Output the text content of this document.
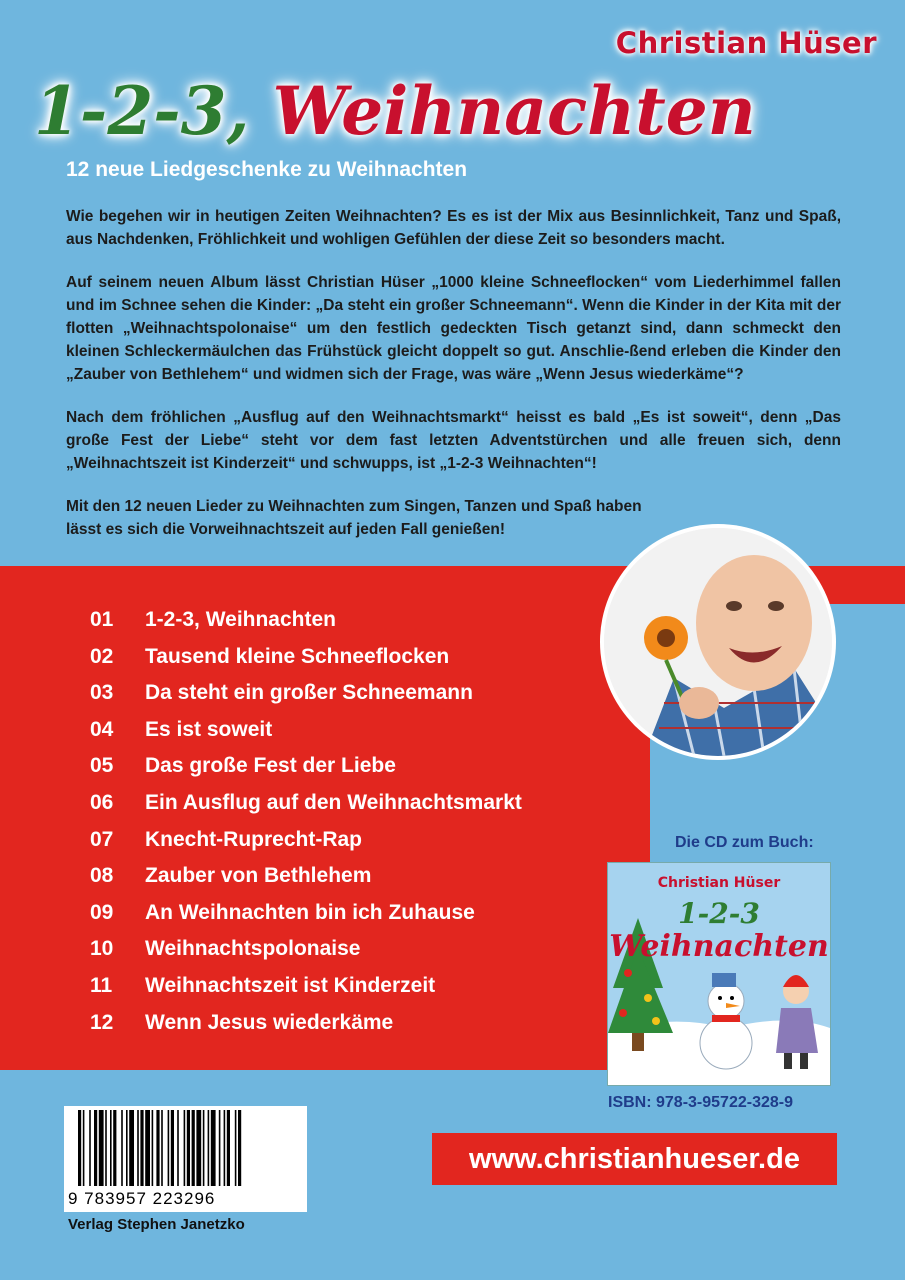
Christian Hüser
1-2-3, Weihnachten
12 neue Liedgeschenke zu Weihnachten

Wie begehen wir in heutigen Zeiten Weihnachten? Es es ist der Mix aus Besinnlichkeit, Tanz und Spaß, aus Nachdenken, Fröhlichkeit und wohligen Gefühlen der diese Zeit so besonders macht.

Auf seinem neuen Album lässt Christian Hüser „1000 kleine Schneeflocken“ vom Liederhimmel fallen und im Schnee sehen die Kinder: „Da steht ein großer Schneemann“. Wenn die Kinder in der Kita mit der flotten „Weihnachtspolonaise“ um den festlich gedeckten Tisch getanzt sind, dann schmeckt den kleinen Schleckermäulchen das Frühstück gleicht doppelt so gut. Anschlie-ßend erleben die Kinder den „Zauber von Bethlehem“ und widmen sich der Frage, was wäre „Wenn Jesus wiederkäme“?

Nach dem fröhlichen „Ausflug auf den Weihnachtsmarkt“ heisst es bald „Es ist soweit“, denn „Das große Fest der Liebe“ steht vor dem fast letzten Adventstürchen und alle freuen sich, denn „Weihnachtszeit ist Kinderzeit“ und schwupps, ist „1-2-3 Weihnachten“!

Mit den 12 neuen Lieder zu Weihnachten zum Singen, Tanzen und Spaß haben lässt es sich die Vorweihnachtszeit auf jeden Fall genießen!

01 1-2-3, Weihnachten
02 Tausend kleine Schneeflocken
03 Da steht ein großer Schneemann
04 Es ist soweit
05 Das große Fest der Liebe
06 Ein Ausflug auf den Weihnachtsmarkt
07 Knecht-Ruprecht-Rap
08 Zauber von Bethlehem
09 An Weihnachten bin ich Zuhause
10 Weihnachtspolonaise
11 Weihnachtszeit ist Kinderzeit
12 Wenn Jesus wiederkäme
Die CD zum Buch:
Christian Hüser
1-2-3
Weihnachten
ISBN: 978-3-95722-328-9
www.christianhueser.de
9 783957 223296
Verlag Stephen Janetzko
